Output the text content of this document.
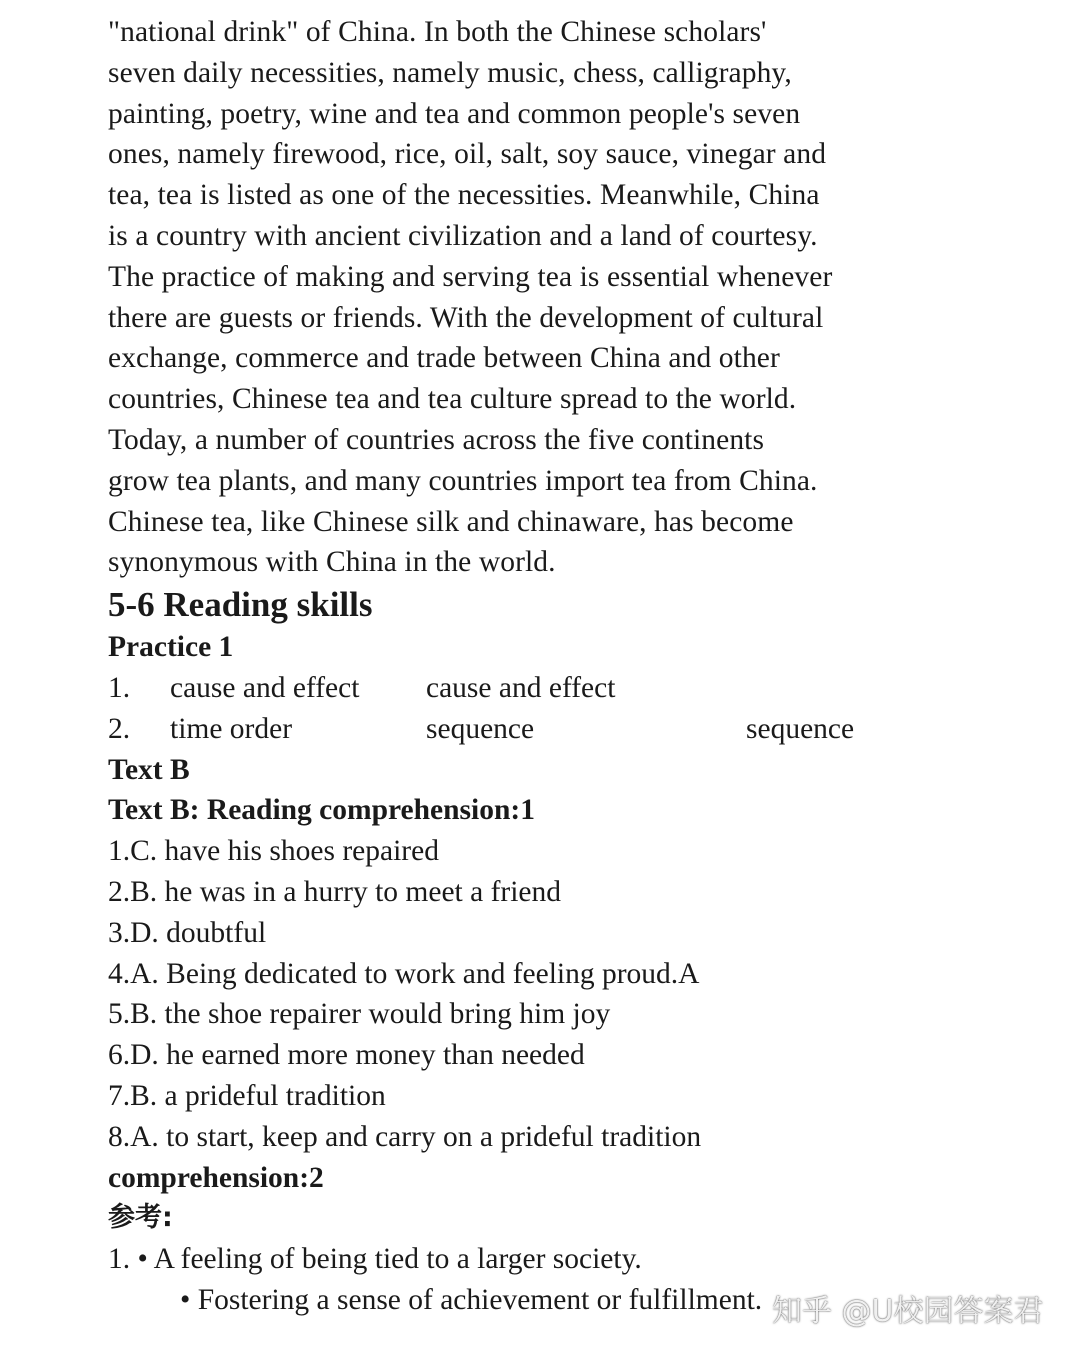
"national drink" of China. In both the Chinese scholars'
seven daily necessities, namely music, chess, calligraphy,
painting, poetry, wine and tea and common people's seven
ones, namely firewood, rice, oil, salt, soy sauce, vinegar and
tea, tea is listed as one of the necessities. Meanwhile, China
is a country with ancient civilization and a land of courtesy.
The practice of making and serving tea is essential whenever
there are guests or friends. With the development of cultural
exchange, commerce and trade between China and other
countries, Chinese tea and tea culture spread to the world.
Today, a number of countries across the five continents
grow tea plants, and many countries import tea from China.
Chinese tea, like Chinese silk and chinaware, has become
synonymous with China in the world.
5-6 Reading skills
Practice 1
1.	cause and effect	cause and effect
2.	time order	sequence	sequence
Text B
Text B: Reading comprehension:1
1.C. have his shoes repaired
2.B. he was in a hurry to meet a friend
3.D. doubtful
4.A. Being dedicated to work and feeling proud.A
5.B. the shoe repairer would bring him joy
6.D. he earned more money than needed
7.B. a prideful tradition
8.A. to start, keep and carry on a prideful tradition
comprehension:2
参考:
1. • A feeling of being tied to a larger society.
• Fostering a sense of achievement or fulfillment. 知乎 @U校园答案君
